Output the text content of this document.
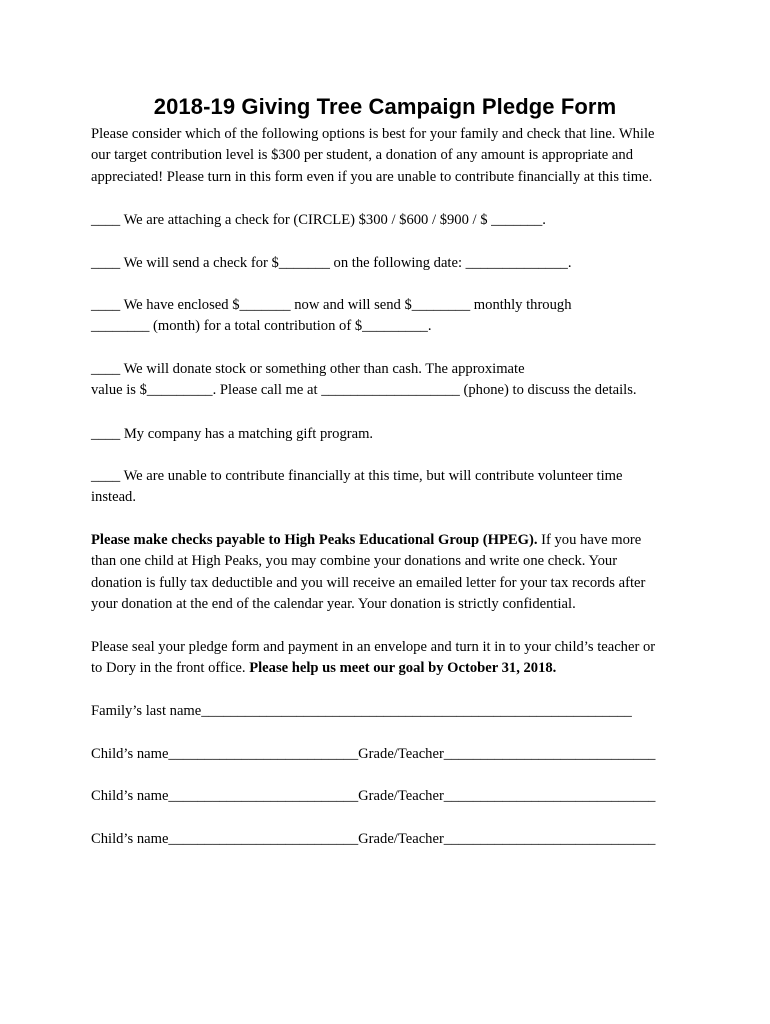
2018-19 Giving Tree Campaign Pledge Form
Please consider which of the following options is best for your family and check that line. While
our target contribution level is $300 per student, a donation of any amount is appropriate and
appreciated! Please turn in this form even if you are unable to contribute financially at this time.
____ We are attaching a check for (CIRCLE) $300 / $600 / $900 / $ _______.
____ We will send a check for $_______ on the following date: ______________.
____ We have enclosed $_______ now and will send $________ monthly through
________ (month) for a total contribution of $_________.
____ We will donate stock or something other than cash. The approximate
value is $_________. Please call me at ___________________ (phone) to discuss the details.
____ My company has a matching gift program.
____ We are unable to contribute financially at this time, but will contribute volunteer time
instead.
Please make checks payable to High Peaks Educational Group (HPEG). If you have more
than one child at High Peaks, you may combine your donations and write one check. Your
donation is fully tax deductible and you will receive an emailed letter for your tax records after
your donation at the end of the calendar year. Your donation is strictly confidential.
Please seal your pledge form and payment in an envelope and turn it in to your child’s teacher or
to Dory in the front office. Please help us meet our goal by October 31, 2018.
Family’s last name___________________________________________________________
Child’s name__________________________Grade/Teacher_____________________________
Child’s name__________________________Grade/Teacher_____________________________
Child’s name__________________________Grade/Teacher_____________________________
